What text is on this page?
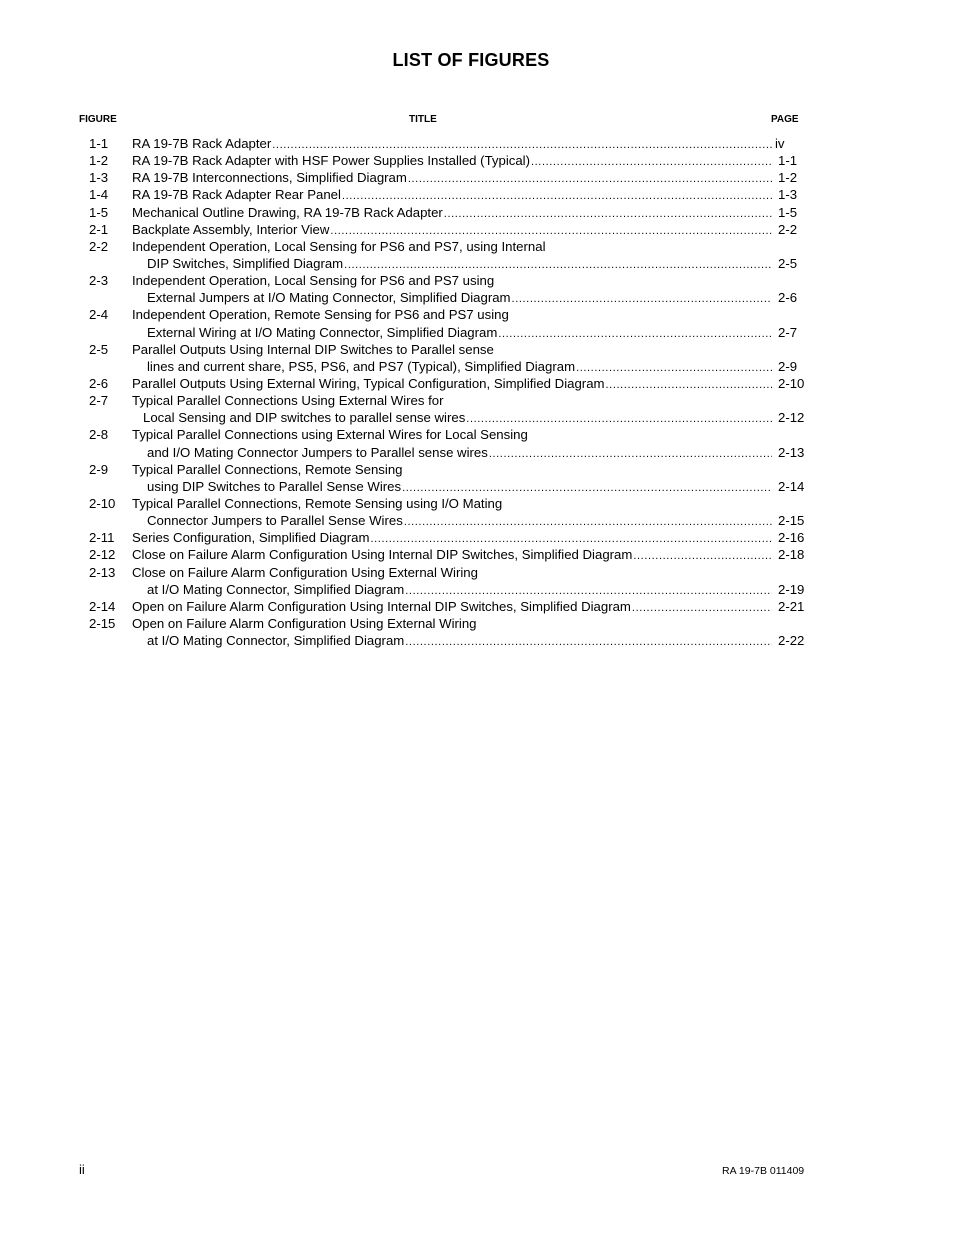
LIST OF FIGURES
FIGURE	TITLE	PAGE
1-1 RA 19-7B Rack Adapter .....	iv
1-2 RA 19-7B Rack Adapter with HSF Power Supplies Installed (Typical) .....	1-1
1-3 RA 19-7B Interconnections, Simplified Diagram .....	1-2
1-4 RA 19-7B Rack Adapter Rear Panel .....	1-3
1-5 Mechanical Outline Drawing, RA 19-7B Rack Adapter .....	1-5
2-1 Backplate Assembly, Interior View .....	2-2
2-2 Independent Operation, Local Sensing for PS6 and PS7, using Internal
DIP Switches, Simplified Diagram .....	2-5
2-3 Independent Operation, Local Sensing for PS6 and PS7 using
External Jumpers at I/O Mating Connector, Simplified Diagram .....	2-6
2-4 Independent Operation, Remote Sensing for PS6 and PS7 using
External Wiring at I/O Mating Connector, Simplified Diagram .....	2-7
2-5 Parallel Outputs Using Internal DIP Switches to Parallel sense
lines and current share, PS5, PS6, and PS7 (Typical), Simplified Diagram .....	2-9
2-6 Parallel Outputs Using External Wiring, Typical Configuration, Simplified Diagram .....	2-10
2-7 Typical Parallel Connections Using External Wires for
Local Sensing and DIP switches to parallel sense wires .....	2-12
2-8 Typical Parallel Connections using External Wires for Local Sensing
and I/O Mating Connector Jumpers to Parallel sense wires .....	2-13
2-9 Typical Parallel Connections, Remote Sensing
using DIP Switches to Parallel Sense Wires .....	2-14
2-10 Typical Parallel Connections, Remote Sensing using I/O Mating
Connector Jumpers to Parallel Sense Wires .....	2-15
2-11 Series Configuration, Simplified Diagram .....	2-16
2-12 Close on Failure Alarm Configuration Using Internal DIP Switches, Simplified Diagram .....	2-18
2-13 Close on Failure Alarm Configuration Using External Wiring
at I/O Mating Connector, Simplified Diagram .....	2-19
2-14 Open on Failure Alarm Configuration Using Internal DIP Switches, Simplified Diagram .....	2-21
2-15 Open on Failure Alarm Configuration Using External Wiring
at I/O Mating Connector, Simplified Diagram .....	2-22
ii	RA 19-7B 011409
